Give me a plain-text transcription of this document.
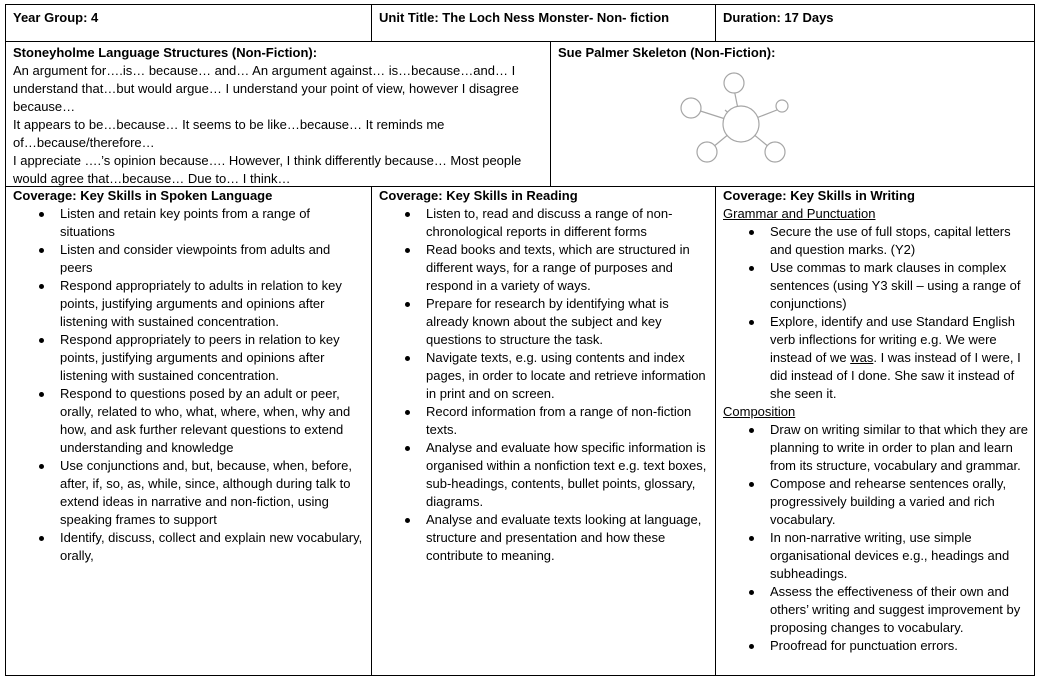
Year Group: 4	Unit Title: The Loch Ness Monster- Non- fiction	Duration: 17 Days
Stoneyholme Language Structures (Non-Fiction):
An argument for….is… because… and… An argument against… is…because…and… I
understand that…but would argue… I understand your point of view, however I disagree
because…
It appears to be…because… It seems to be like…because… It reminds me
of…because/therefore…
I appreciate ….’s opinion because…. However, I think differently because… Most people
would agree that…because… Due to… I think…
Sue Palmer Skeleton (Non-Fiction):
Coverage: Key Skills in Spoken Language
Listen and retain key points from a range of situations
Listen and consider viewpoints from adults and peers
Respond appropriately to adults in relation to key points, justifying arguments and opinions after listening with sustained concentration.
Respond appropriately to peers in relation to key points, justifying arguments and opinions after listening with sustained concentration.
Respond to questions posed by an adult or peer, orally, related to who, what, where, when, why and how, and ask further relevant questions to extend understanding and knowledge
Use conjunctions and, but, because, when, before, after, if, so, as, while, since, although during talk to extend ideas in narrative and non-fiction, using speaking frames to support
Identify, discuss, collect and explain new vocabulary, orally,
Coverage: Key Skills in Reading
Listen to, read and discuss a range of non-chronological reports in different forms
Read books and texts, which are structured in different ways, for a range of purposes and respond in a variety of ways.
Prepare for research by identifying what is already known about the subject and key questions to structure the task.
Navigate texts, e.g. using contents and index pages, in order to locate and retrieve information in print and on screen.
Record information from a range of non-fiction texts.
Analyse and evaluate how specific information is organised within a nonfiction text e.g. text boxes, sub-headings, contents, bullet points, glossary, diagrams.
Analyse and evaluate texts looking at language, structure and presentation and how these contribute to meaning.
Coverage: Key Skills in Writing
Grammar and Punctuation
Secure the use of full stops, capital letters and question marks. (Y2)
Use commas to mark clauses in complex sentences (using Y3 skill – using a range of conjunctions)
Explore, identify and use Standard English verb inflections for writing e.g. We were instead of we was. I was instead of I were, I did instead of I done. She saw it instead of she seen it.
Composition
Draw on writing similar to that which they are planning to write in order to plan and learn from its structure, vocabulary and grammar.
Compose and rehearse sentences orally, progressively building a varied and rich vocabulary.
In non-narrative writing, use simple organisational devices e.g., headings and subheadings.
Assess the effectiveness of their own and others’ writing and suggest improvement by proposing changes to vocabulary.
Proofread for punctuation errors.
